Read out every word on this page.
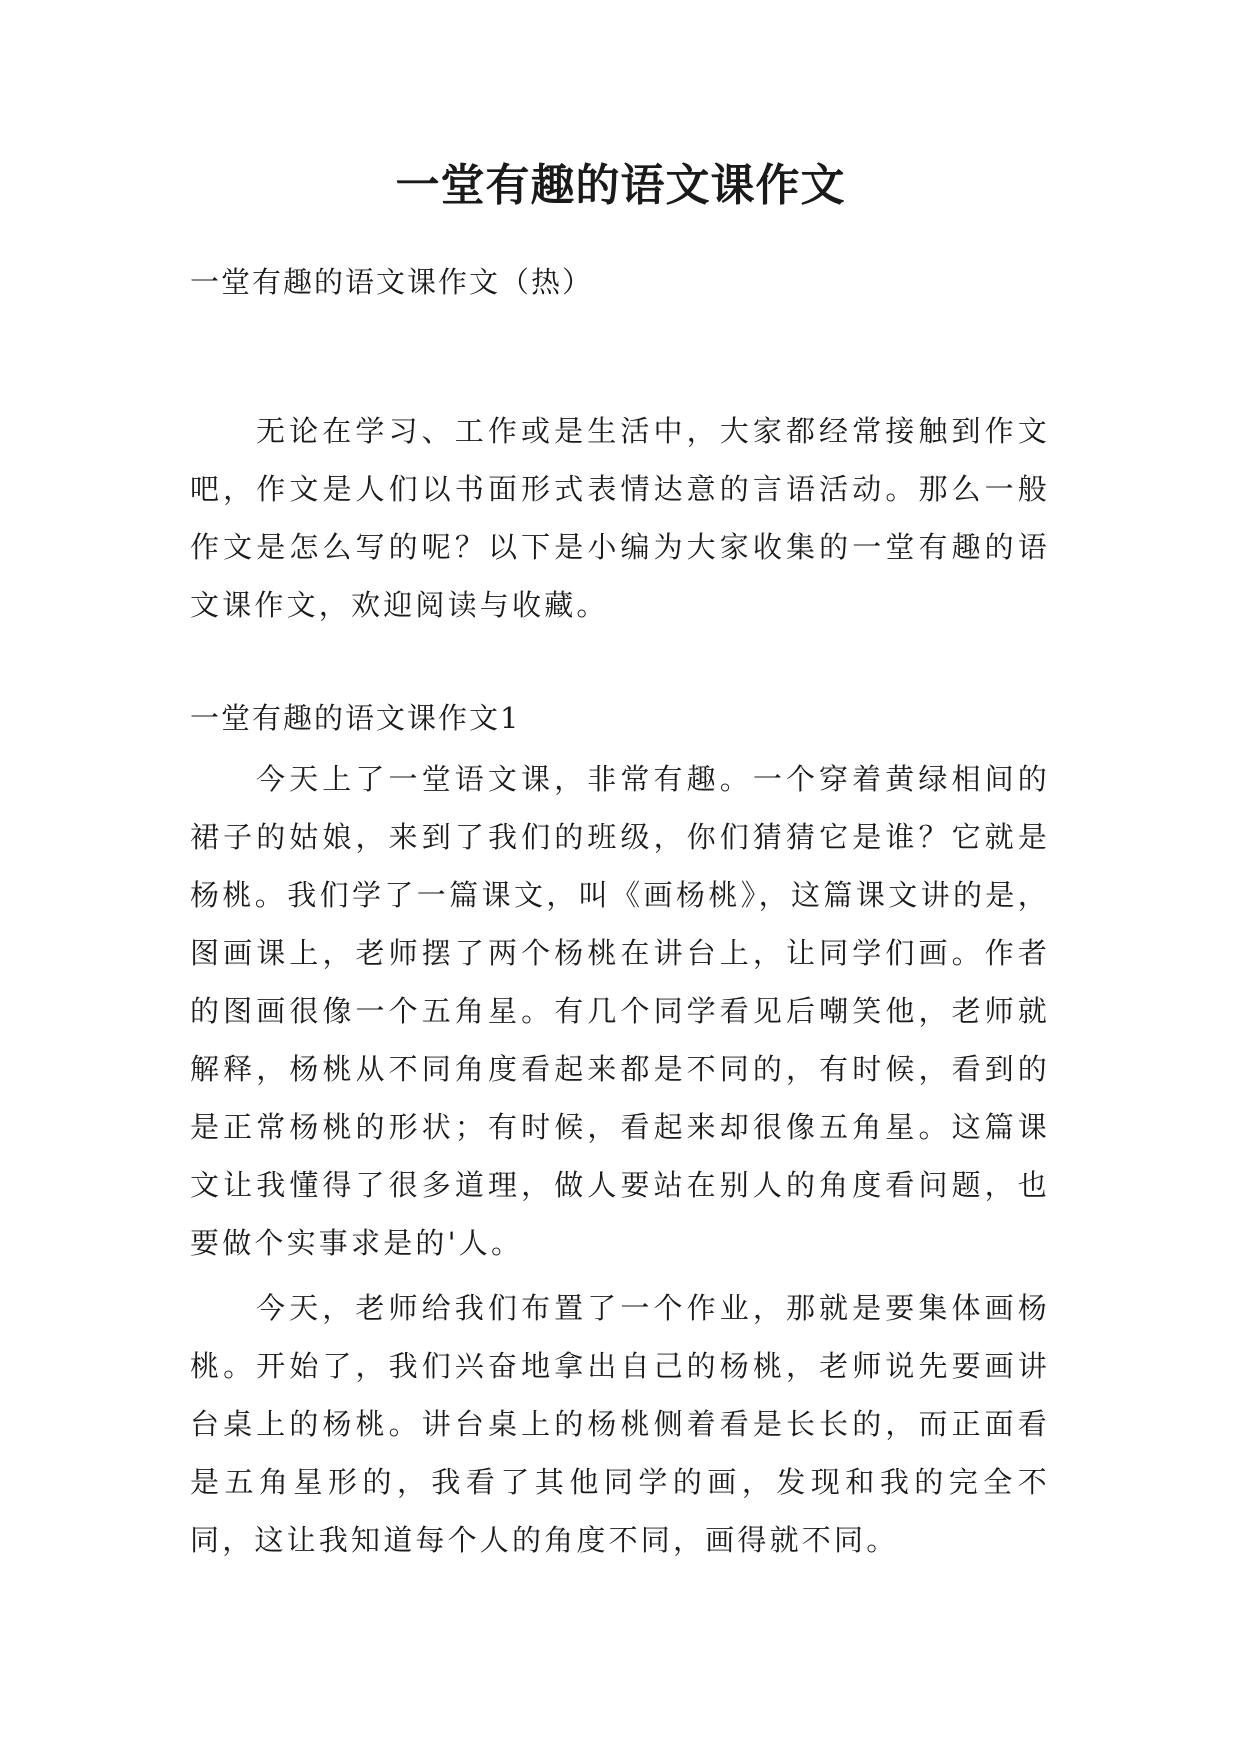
一堂有趣的语文课作文
一堂有趣的语文课作文（热）

无论在学习、工作或是生活中，大家都经常接触到作文吧，作文是人们以书面形式表情达意的言语活动。那么一般作文是怎么写的呢？以下是小编为大家收集的一堂有趣的语文课作文，欢迎阅读与收藏。

一堂有趣的语文课作文1

今天上了一堂语文课，非常有趣。一个穿着黄绿相间的裙子的姑娘，来到了我们的班级，你们猜猜它是谁？它就是杨桃。我们学了一篇课文，叫《画杨桃》，这篇课文讲的是，图画课上，老师摆了两个杨桃在讲台上，让同学们画。作者的图画很像一个五角星。有几个同学看见后嘲笑他，老师就解释，杨桃从不同角度看起来都是不同的，有时候，看到的是正常杨桃的形状；有时候，看起来却很像五角星。这篇课文让我懂得了很多道理，做人要站在别人的角度看问题，也要做个实事求是的'人。

今天，老师给我们布置了一个作业，那就是要集体画杨桃。开始了，我们兴奋地拿出自己的杨桃，老师说先要画讲台桌上的杨桃。讲台桌上的杨桃侧着看是长长的，而正面看是五角星形的，我看了其他同学的画，发现和我的完全不同，这让我知道每个人的角度不同，画得就不同。
